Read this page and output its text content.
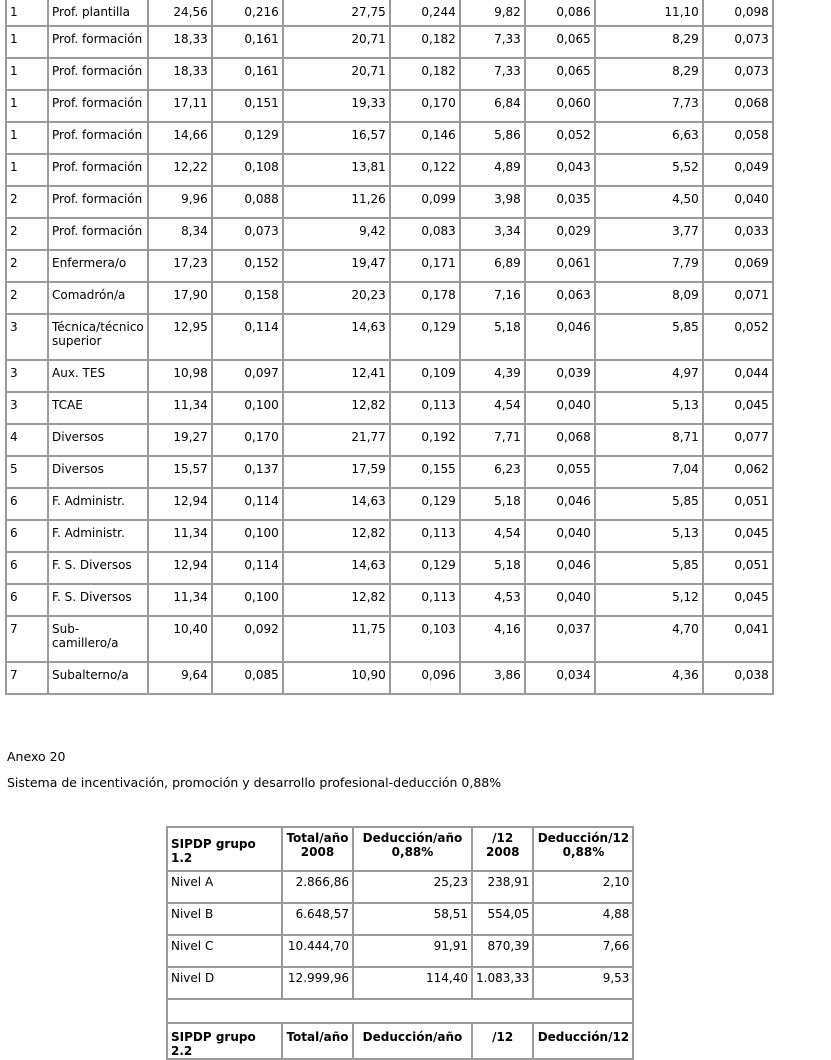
1	Prof. plantilla	24,56	0,216	27,75	0,244	9,82	0,086	11,10	0,098
1	Prof. formación	18,33	0,161	20,71	0,182	7,33	0,065	8,29	0,073
1	Prof. formación	18,33	0,161	20,71	0,182	7,33	0,065	8,29	0,073
1	Prof. formación	17,11	0,151	19,33	0,170	6,84	0,060	7,73	0,068
1	Prof. formación	14,66	0,129	16,57	0,146	5,86	0,052	6,63	0,058
1	Prof. formación	12,22	0,108	13,81	0,122	4,89	0,043	5,52	0,049
2	Prof. formación	9,96	0,088	11,26	0,099	3,98	0,035	4,50	0,040
2	Prof. formación	8,34	0,073	9,42	0,083	3,34	0,029	3,77	0,033
2	Enfermera/o	17,23	0,152	19,47	0,171	6,89	0,061	7,79	0,069
2	Comadrón/a	17,90	0,158	20,23	0,178	7,16	0,063	8,09	0,071
3	Técnica/técnico superior	12,95	0,114	14,63	0,129	5,18	0,046	5,85	0,052
3	Aux. TES	10,98	0,097	12,41	0,109	4,39	0,039	4,97	0,044
3	TCAE	11,34	0,100	12,82	0,113	4,54	0,040	5,13	0,045
4	Diversos	19,27	0,170	21,77	0,192	7,71	0,068	8,71	0,077
5	Diversos	15,57	0,137	17,59	0,155	6,23	0,055	7,04	0,062
6	F. Administr.	12,94	0,114	14,63	0,129	5,18	0,046	5,85	0,051
6	F. Administr.	11,34	0,100	12,82	0,113	4,54	0,040	5,13	0,045
6	F. S. Diversos	12,94	0,114	14,63	0,129	5,18	0,046	5,85	0,051
6	F. S. Diversos	11,34	0,100	12,82	0,113	4,53	0,040	5,12	0,045
7	Sub- camillero/a	10,40	0,092	11,75	0,103	4,16	0,037	4,70	0,041
7	Subalterno/a	9,64	0,085	10,90	0,096	3,86	0,034	4,36	0,038
Anexo 20
Sistema de incentivación, promoción y desarrollo profesional-deducción 0,88%
SIPDP grupo 1.2	Total/año 2008	Deducción/año 0,88%	/12 2008	Deducción/12 0,88%
Nivel A	2.866,86	25,23	238,91	2,10
Nivel B	6.648,57	58,51	554,05	4,88
Nivel C	10.444,70	91,91	870,39	7,66
Nivel D	12.999,96	114,40	1.083,33	9,53

SIPDP grupo 2.2	Total/año	Deducción/año	/12	Deducción/12
